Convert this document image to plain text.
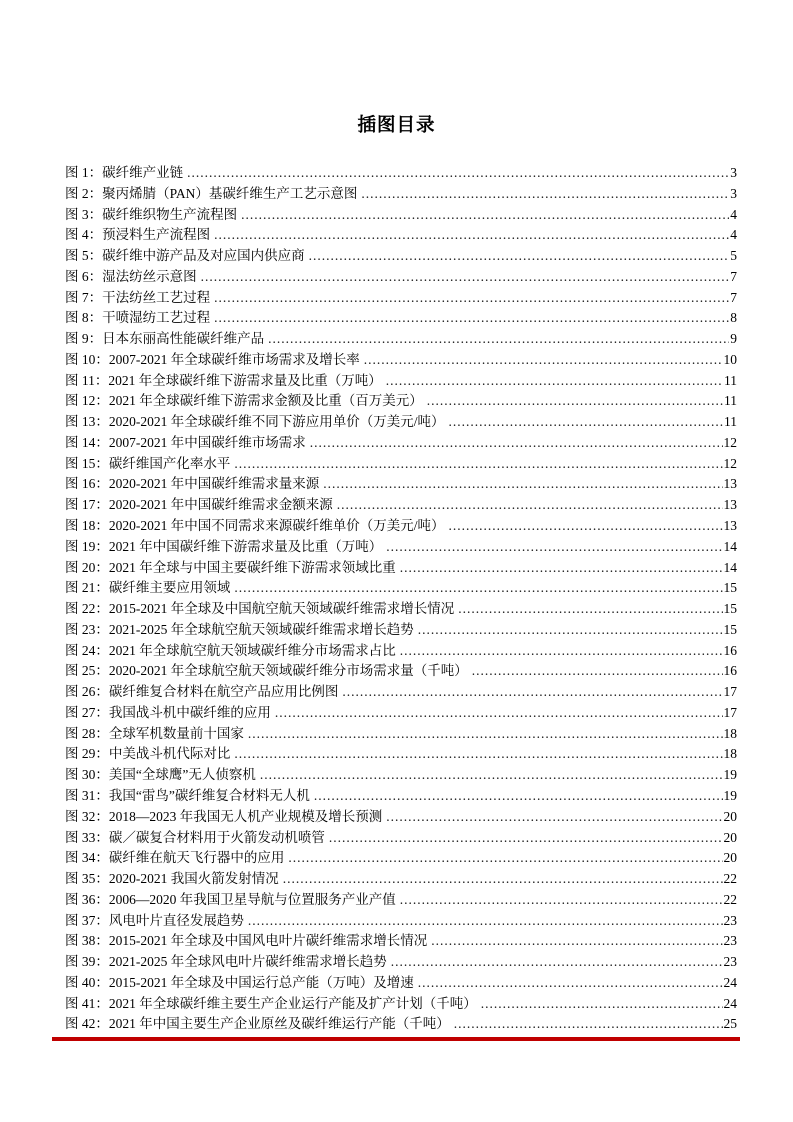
插图目录
图 1：碳纤维产业链 .....	3
图 2：聚丙烯腈（PAN）基碳纤维生产工艺示意图 .....	3
图 3：碳纤维织物生产流程图 .....	4
图 4：预浸料生产流程图 .....	4
图 5：碳纤维中游产品及对应国内供应商 .....	5
图 6：湿法纺丝示意图 .....	7
图 7：干法纺丝工艺过程 .....	7
图 8：干喷湿纺工艺过程 .....	8
图 9：日本东丽高性能碳纤维产品 .....	9
图 10：2007-2021 年全球碳纤维市场需求及增长率 .....	10
图 11：2021 年全球碳纤维下游需求量及比重（万吨） .....	11
图 12：2021 年全球碳纤维下游需求金额及比重（百万美元） .....	11
图 13：2020-2021 年全球碳纤维不同下游应用单价（万美元/吨） .....	11
图 14：2007-2021 年中国碳纤维市场需求 .....	12
图 15：碳纤维国产化率水平 .....	12
图 16：2020-2021 年中国碳纤维需求量来源 .....	13
图 17：2020-2021 年中国碳纤维需求金额来源 .....	13
图 18：2020-2021 年中国不同需求来源碳纤维单价（万美元/吨） .....	13
图 19：2021 年中国碳纤维下游需求量及比重（万吨） .....	14
图 20：2021 年全球与中国主要碳纤维下游需求领域比重 .....	14
图 21：碳纤维主要应用领域 .....	15
图 22：2015-2021 年全球及中国航空航天领域碳纤维需求增长情况 .....	15
图 23：2021-2025 年全球航空航天领域碳纤维需求增长趋势 .....	15
图 24：2021 年全球航空航天领域碳纤维分市场需求占比 .....	16
图 25：2020-2021 年全球航空航天领域碳纤维分市场需求量（千吨） .....	16
图 26：碳纤维复合材料在航空产品应用比例图 .....	17
图 27：我国战斗机中碳纤维的应用 .....	17
图 28：全球军机数量前十国家 .....	18
图 29：中美战斗机代际对比 .....	18
图 30：美国“全球鹰”无人侦察机 .....	19
图 31：我国“雷鸟”碳纤维复合材料无人机 .....	19
图 32：2018—2023 年我国无人机产业规模及增长预测 .....	20
图 33：碳／碳复合材料用于火箭发动机喷管 .....	20
图 34：碳纤维在航天飞行器中的应用 .....	20
图 35：2020-2021 我国火箭发射情况 .....	22
图 36：2006—2020 年我国卫星导航与位置服务产业产值 .....	22
图 37：风电叶片直径发展趋势 .....	23
图 38：2015-2021 年全球及中国风电叶片碳纤维需求增长情况 .....	23
图 39：2021-2025 年全球风电叶片碳纤维需求增长趋势 .....	23
图 40：2015-2021 年全球及中国运行总产能（万吨）及增速 .....	24
图 41：2021 年全球碳纤维主要生产企业运行产能及扩产计划（千吨） .....	24
图 42：2021 年中国主要生产企业原丝及碳纤维运行产能（千吨） .....	25
